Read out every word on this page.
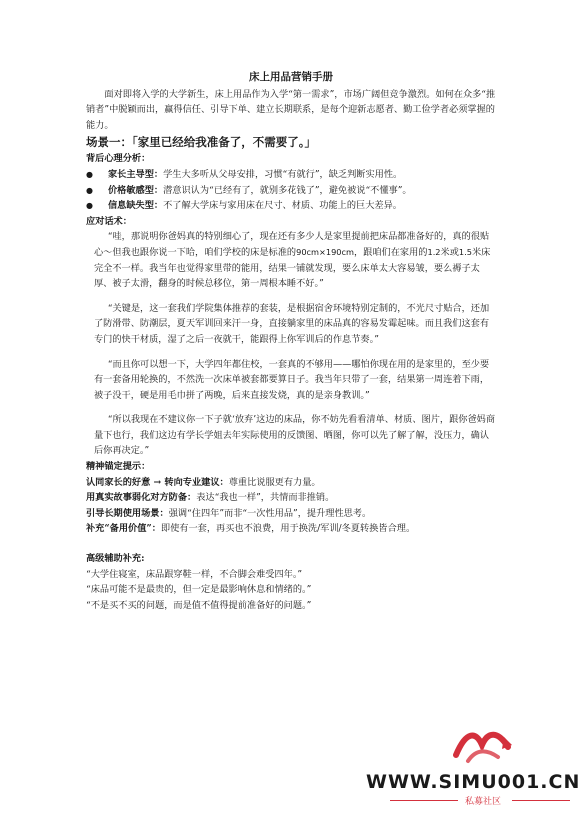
床上用品营销手册

面对即将入学的大学新生，床上用品作为入学“第一需求”，市场广阔但竞争激烈。如何在众多“推销者”中脱颖而出，赢得信任、引导下单、建立长期联系，是每个迎新志愿者、勤工俭学者必须掌握的能力。

场景一：「家里已经给我准备了，不需要了。」

背后心理分析：

● 家长主导型：学生大多听从父母安排，习惯“有就行”，缺乏判断实用性。
● 价格敏感型：潜意识认为“已经有了，就别多花钱了”，避免被说“不懂事”。
● 信息缺失型：不了解大学床与家用床在尺寸、材质、功能上的巨大差异。

应对话术：

“哇，那说明你爸妈真的特别细心了，现在还有多少人是家里提前把床品都准备好的，真的很贴心～但我也跟你说一下哈，咱们学校的床是标准的90cm×190cm，跟咱们在家用的1.2米或1.5米床完全不一样。我当年也觉得家里带的能用，结果一铺就发现，要么床单太大容易皱，要么褥子太厚、被子太滑，翻身的时候总移位，第一周根本睡不好。”

“关键是，这一套我们学院集体推荐的套装，是根据宿舍环境特别定制的，不光尺寸贴合，还加了防滑带、防潮层，夏天军训回来汗一身，直接躺家里的床品真的容易发霉起味。而且我们这套有专门的快干材质，湿了之后一夜就干，能跟得上你军训后的作息节奏。”

“而且你可以想一下，大学四年都住校，一套真的不够用——哪怕你现在用的是家里的，至少要有一套备用轮换的，不然洗一次床单被套都要算日子。我当年只带了一套，结果第一周连着下雨，被子没干，硬是用毛巾拼了两晚，后来直接发烧，真的是亲身教训。”

“所以我现在不建议你一下子就‘放弃’这边的床品，你不妨先看看清单、材质、图片，跟你爸妈商量下也行，我们这边有学长学姐去年实际使用的反馈图、晒图，你可以先了解了解，没压力，确认后你再决定。”

精神锚定提示：

认同家长的好意 → 转向专业建议：尊重比说服更有力量。

用真实故事弱化对方防备：表达“我也一样”，共情而非推销。

引导长期使用场景：强调“住四年”而非“一次性用品”，提升理性思考。

补充“备用价值”：即使有一套，再买也不浪费，用于换洗/军训/冬夏转换皆合理。

高级辅助补充:

“大学住寝室，床品跟穿鞋一样，不合脚会难受四年。”

“床品可能不是最贵的，但一定是最影响休息和情绪的。”

“不是买不买的问题，而是值不值得提前准备好的问题。”

WWW.SIMU001.CN
私募社区
